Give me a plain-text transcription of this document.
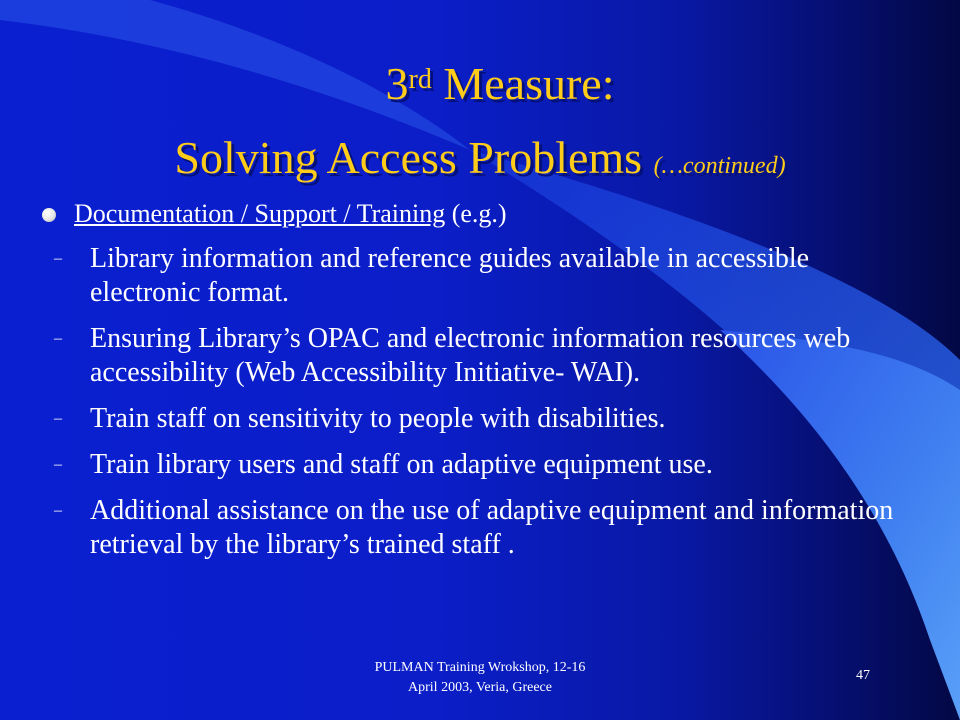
3rd Measure:
Solving Access Problems (…continued)
Documentation / Support / Training (e.g.)
– Library information and reference guides available in accessible electronic format.
– Ensuring Library’s OPAC and electronic information resources web accessibility (Web Accessibility Initiative- WAI).
– Train staff on sensitivity to people with disabilities.
– Train library users and staff on adaptive equipment use.
– Additional assistance on the use of adaptive equipment and information retrieval by the library’s trained staff .
PULMAN Training Wrokshop, 12-16
April 2003, Veria, Greece
47
